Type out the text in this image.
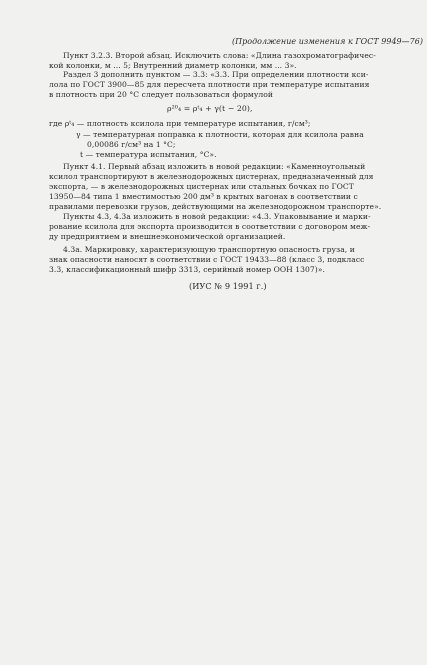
(Продолжение изменения к ГОСТ 9949—76)
Пункт 3.2.3. Второй абзац. Исключить слова: «Длина газохроматографичес-
кой колонки, м ... 5; Внутренний диаметр колонки, мм ... 3».
Раздел 3 дополнить пунктом — 3.3: «3.3. При определении плотности кси-
лола по ГОСТ 3900—85 для пересчета плотности при температуре испытания
в плотность при 20 °С следует пользоваться формулой
ρ²⁰₄ = ρᵗ₄ + γ(t − 20),
где ρᵗ₄ — плотность ксилола при температуре испытания, г/см³;
γ — температурная поправка к плотности, которая для ксилола равна
0,00086 г/см³ на 1 °С;
t — температура испытания, °С».
Пункт 4.1. Первый абзац изложить в новой редакции: «Каменноугольный
ксилол транспортируют в железнодорожных цистернах, предназначенный для
экспорта, — в железнодорожных цистернах или стальных бочках по ГОСТ
13950—84 типа 1 вместимостью 200 дм³ в крытых вагонах в соответствии с
правилами перевозки грузов, действующими на железнодорожном транспорте».
Пункты 4.3, 4.3а изложить в новой редакции: «4.3. Упаковывание и марки-
рование ксилола для экспорта производится в соответствии с договором меж-
ду предприятием и внешнеэкономической организацией.
4.3а. Маркировку, характеризующую транспортную опасность груза, и
знак опасности наносят в соответствии с ГОСТ 19433—88 (класс 3, подкласс
3.3, классификационный шифр 3313, серийный номер ООН 1307)».
(ИУС № 9 1991 г.)
